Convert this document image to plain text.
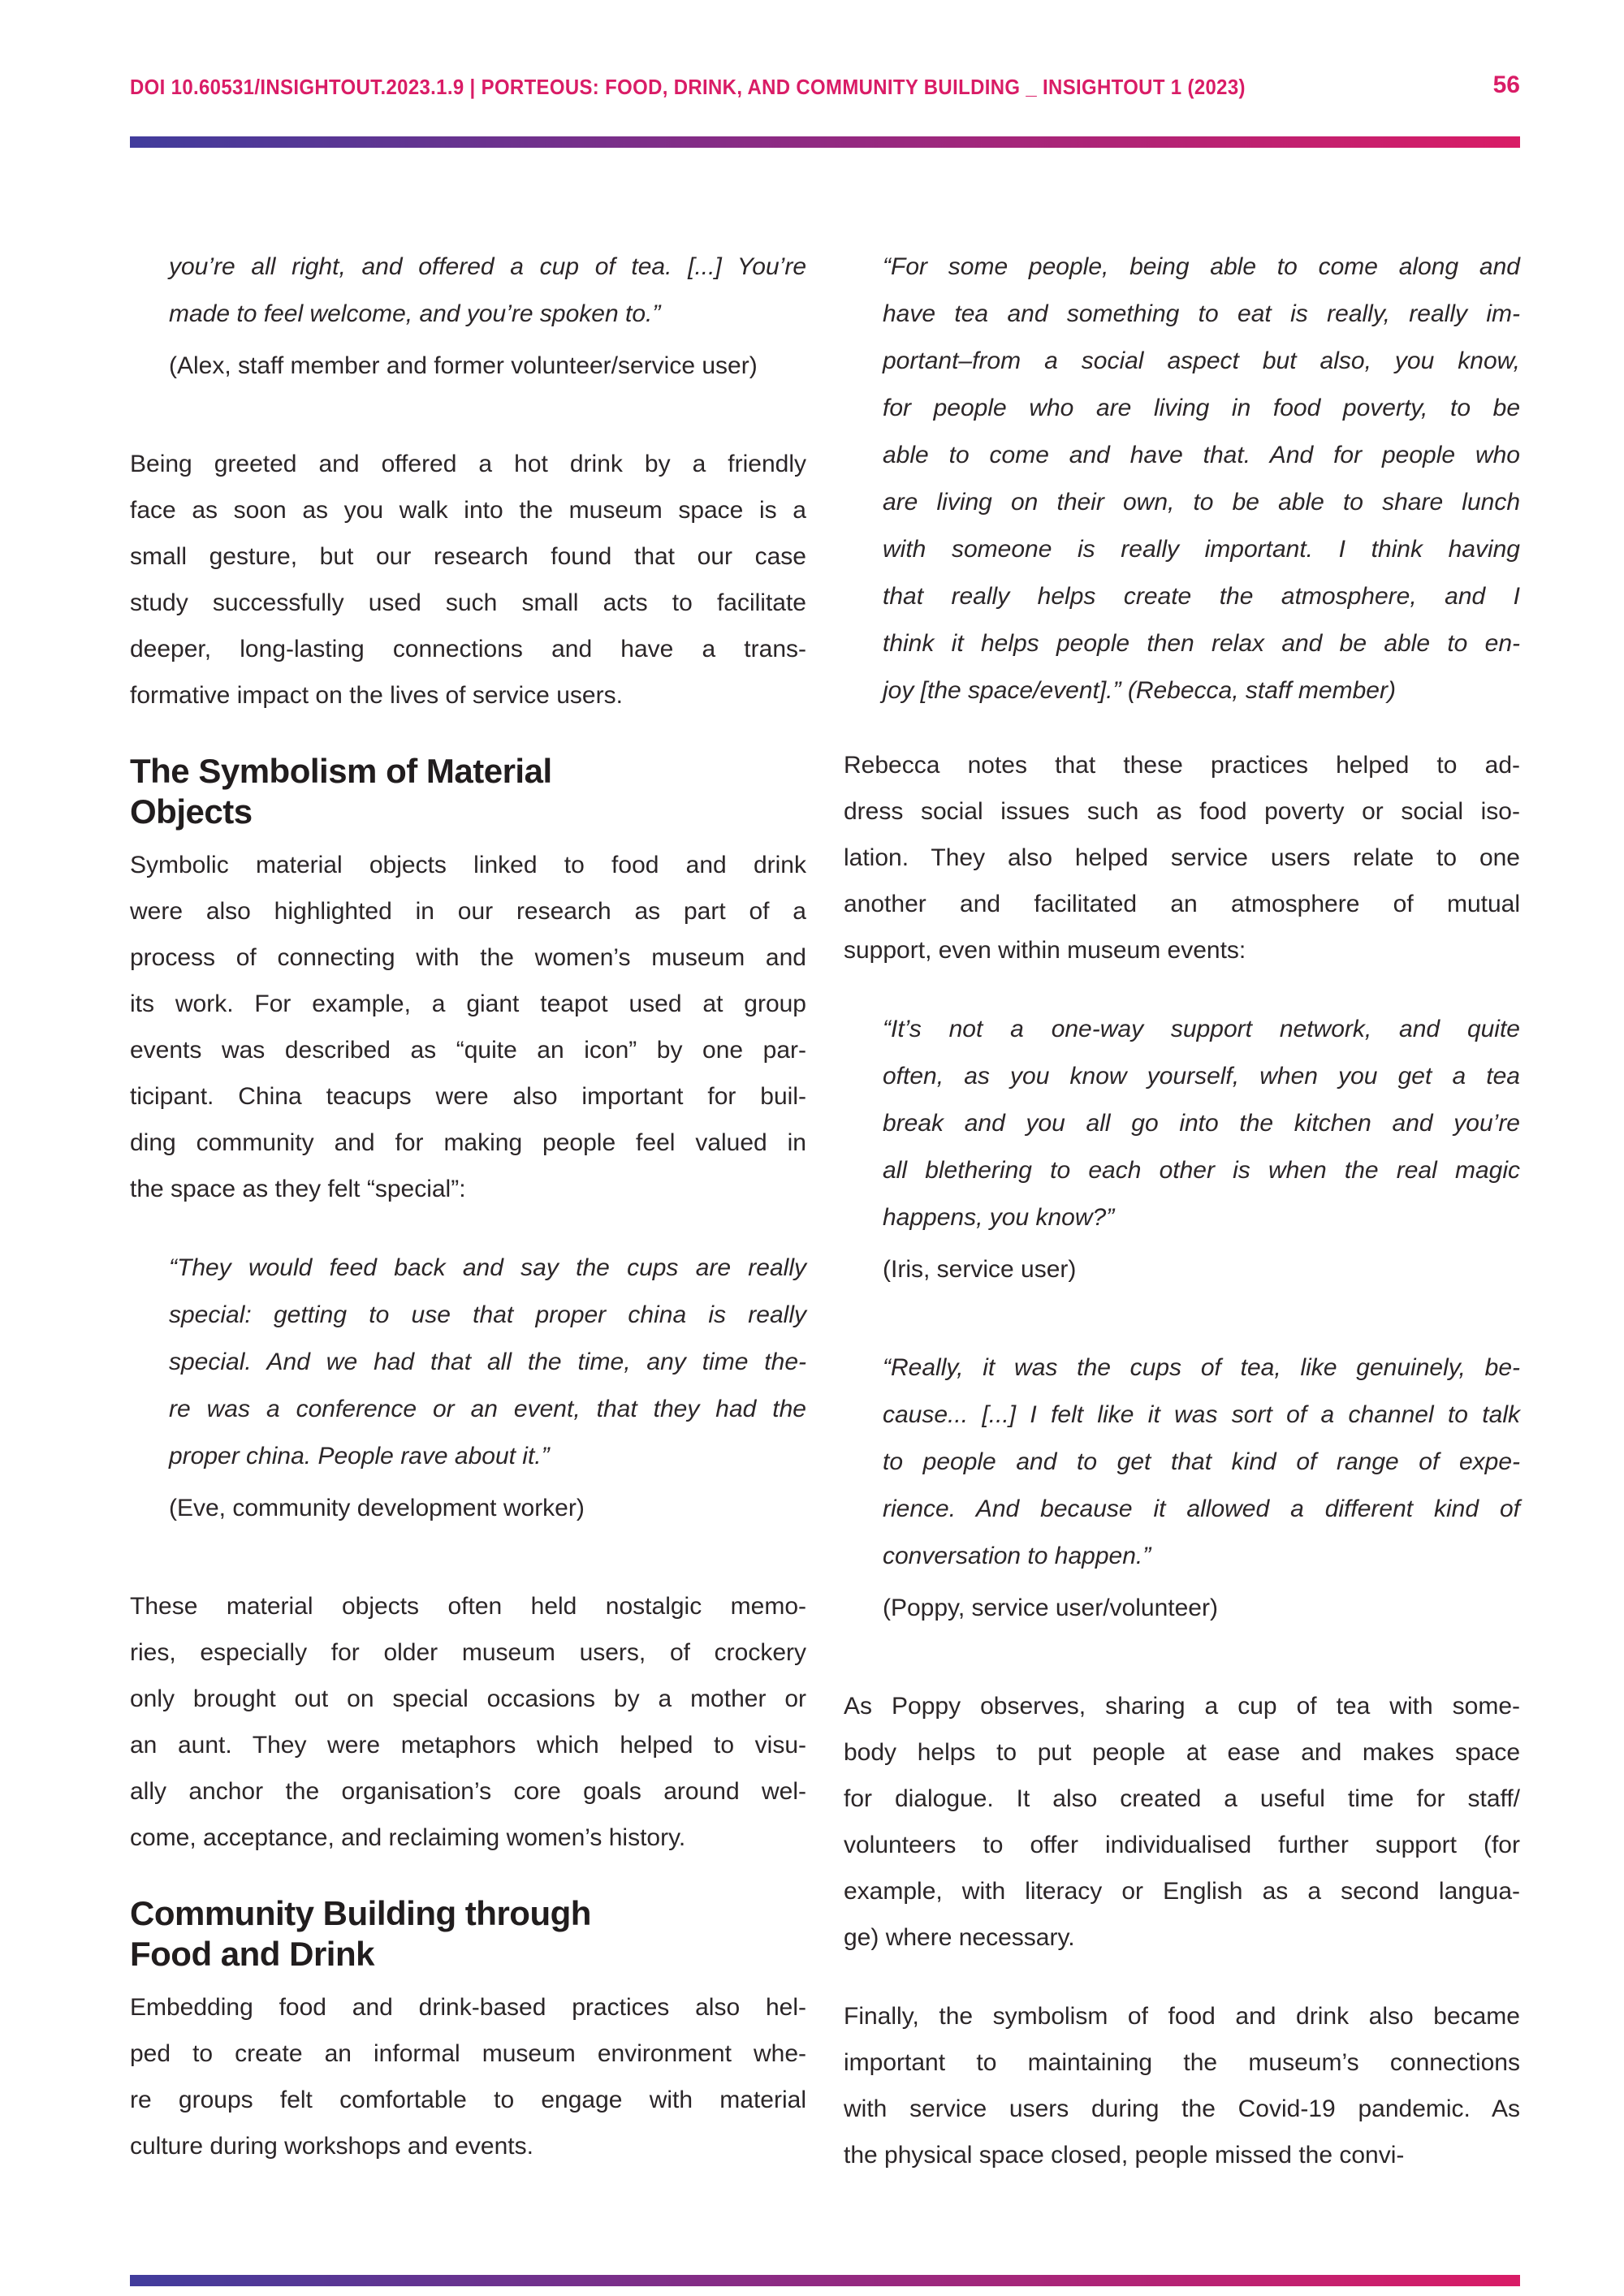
DOI 10.60531/INSIGHTOUT.2023.1.9 | PORTEOUS: FOOD, DRINK, AND COMMUNITY BUILDING _ INSIGHTOUT 1 (2023)	56
you’re all right, and offered a cup of tea. [...] You’re
made to feel welcome, and you’re spoken to.”
(Alex, staff member and former volunteer/service user)
Being greeted and offered a hot drink by a friendly
face as soon as you walk into the museum space is a
small gesture, but our research found that our case
study successfully used such small acts to facilitate
deeper, long-lasting connections and have a trans-
formative impact on the lives of service users.
The Symbolism of Material
Objects
Symbolic material objects linked to food and drink
were also highlighted in our research as part of a
process of connecting with the women’s museum and
its work. For example, a giant teapot used at group
events was described as “quite an icon” by one par-
ticipant. China teacups were also important for buil-
ding community and for making people feel valued in
the space as they felt “special”:
“They would feed back and say the cups are really
special: getting to use that proper china is really
special. And we had that all the time, any time the-
re was a conference or an event, that they had the
proper china. People rave about it.”
(Eve, community development worker)
These material objects often held nostalgic memo-
ries, especially for older museum users, of crockery
only brought out on special occasions by a mother or
an aunt. They were metaphors which helped to visu-
ally anchor the organisation’s core goals around wel-
come, acceptance, and reclaiming women’s history.
Community Building through
Food and Drink
Embedding food and drink-based practices also hel-
ped to create an informal museum environment whe-
re groups felt comfortable to engage with material
culture during workshops and events.
“For some people, being able to come along and
have tea and something to eat is really, really im-
portant–from a social aspect but also, you know,
for people who are living in food poverty, to be
able to come and have that. And for people who
are living on their own, to be able to share lunch
with someone is really important. I think having
that really helps create the atmosphere, and I
think it helps people then relax and be able to en-
joy [the space/event].” (Rebecca, staff member)
Rebecca notes that these practices helped to ad-
dress social issues such as food poverty or social iso-
lation. They also helped service users relate to one
another and facilitated an atmosphere of mutual
support, even within museum events:
“It’s not a one-way support network, and quite
often, as you know yourself, when you get a tea
break and you all go into the kitchen and you’re
all blethering to each other is when the real magic
happens, you know?”
(Iris, service user)
“Really, it was the cups of tea, like genuinely, be-
cause... [...] I felt like it was sort of a channel to talk
to people and to get that kind of range of expe-
rience. And because it allowed a different kind of
conversation to happen.”
(Poppy, service user/volunteer)
As Poppy observes, sharing a cup of tea with some-
body helps to put people at ease and makes space
for dialogue. It also created a useful time for staff/
volunteers to offer individualised further support (for
example, with literacy or English as a second langua-
ge) where necessary.
Finally, the symbolism of food and drink also became
important to maintaining the museum’s connections
with service users during the Covid-19 pandemic. As
the physical space closed, people missed the convi-
